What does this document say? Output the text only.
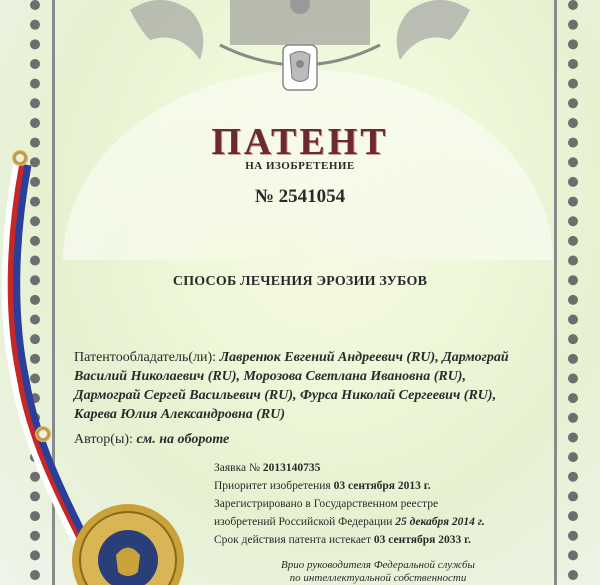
ПАТЕНТ
НА ИЗОБРЕТЕНИЕ
№ 2541054
СПОСОБ ЛЕЧЕНИЯ ЭРОЗИИ ЗУБОВ
Патентообладатель(ли): Лавренюк Евгений Андреевич (RU), Дармограй Василий Николаевич (RU), Морозова Светлана Ивановна (RU), Дармограй Сергей Васильевич (RU), Фурса Николай Сергеевич (RU), Карева Юлия Александровна (RU)
Автор(ы): см. на обороте
Заявка № 2013140735
Приоритет изобретения 03 сентября 2013 г.
Зарегистрировано в Государственном реестре
изобретений Российской Федерации 25 декабря 2014 г.
Срок действия патента истекает 03 сентября 2033 г.
Врио руководителя Федеральной службы
по интеллектуальной собственности
